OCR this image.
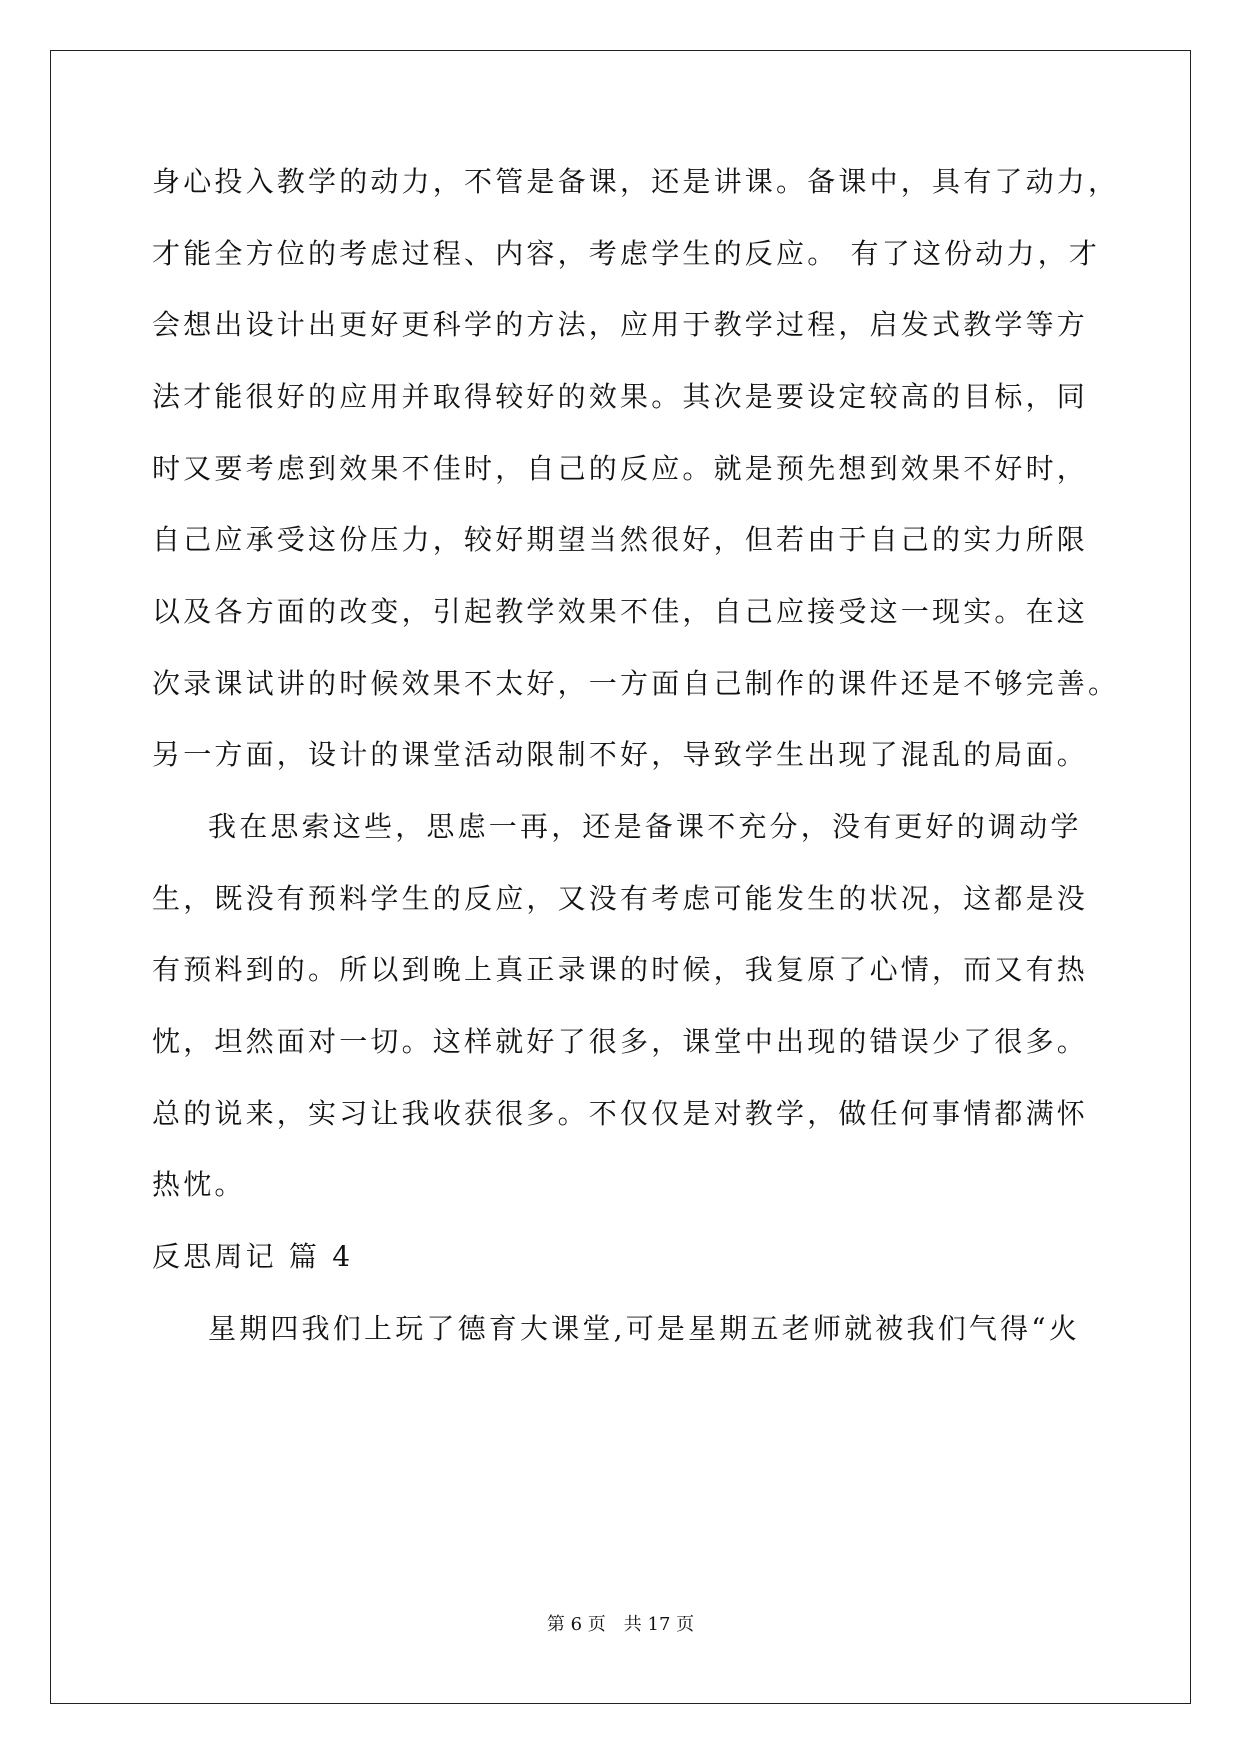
身心投入教学的动力，不管是备课，还是讲课。备课中，具有了动力，
才能全方位的考虑过程、内容，考虑学生的反应。 有了这份动力，才
会想出设计出更好更科学的方法，应用于教学过程，启发式教学等方
法才能很好的应用并取得较好的效果。其次是要设定较高的目标，同
时又要考虑到效果不佳时，自己的反应。就是预先想到效果不好时，
自己应承受这份压力，较好期望当然很好，但若由于自己的实力所限
以及各方面的改变，引起教学效果不佳，自己应接受这一现实。在这
次录课试讲的时候效果不太好，一方面自己制作的课件还是不够完善。
另一方面，设计的课堂活动限制不好，导致学生出现了混乱的局面。
我在思索这些，思虑一再，还是备课不充分，没有更好的调动学
生，既没有预料学生的反应，又没有考虑可能发生的状况，这都是没
有预料到的。所以到晚上真正录课的时候，我复原了心情，而又有热
忱，坦然面对一切。这样就好了很多，课堂中出现的错误少了很多。
总的说来，实习让我收获很多。不仅仅是对教学，做任何事情都满怀
热忱。
反思周记 篇 4
星期四我们上玩了德育大课堂,可是星期五老师就被我们气得“火
第 6 页　共 17 页
